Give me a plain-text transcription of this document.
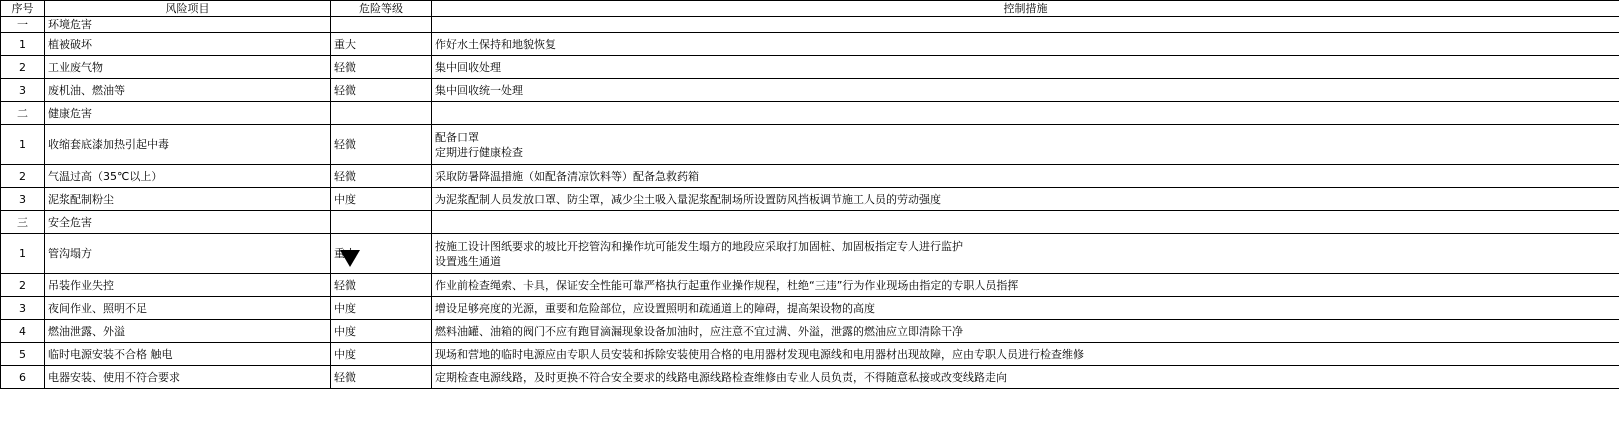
序号	风险项目	危险等级	控制措施
一	环境危害		
1	植被破坏	重大	作好水土保持和地貌恢复

2	工业废气物	轻微	集中回收处理

3	废机油、燃油等	轻微	集中回收统一处理

二	健康危害		
1	收缩套底漆加热引起中毒	轻微	配备口罩
定期进行健康检查

2	气温过高（35℃以上）	轻微	采取防暑降温措施（如配备清凉饮料等）配备急救药箱

3	泥浆配制粉尘	中度	为泥浆配制人员发放口罩、防尘罩，减少尘土吸入量泥浆配制场所设置防风挡板调节施工人员的劳动强度

三	安全危害		
1	管沟塌方	重大	按施工设计图纸要求的坡比开挖管沟和操作坑可能发生塌方的地段应采取打加固桩、加固板指定专人进行监护
设置逃生通道

2	吊装作业失控	轻微	作业前检查绳索、卡具，保证安全性能可靠严格执行起重作业操作规程，杜绝“三违”行为作业现场由指定的专职人员指挥

3	夜间作业、照明不足	中度	增设足够亮度的光源，重要和危险部位，应设置照明和疏通道上的障碍，提高架设物的高度

4	燃油泄露、外溢	中度	燃料油罐、油箱的阀门不应有跑冒滴漏现象设备加油时，应注意不宜过满、外溢，泄露的燃油应立即清除干净

5	临时电源安装不合格 触电	中度	现场和营地的临时电源应由专职人员安装和拆除安装使用合格的电用器材发现电源线和电用器材出现故障，应由专职人员进行检查维修

6	电器安装、使用不符合要求	轻微	定期检查电源线路，及时更换不符合安全要求的线路电源线路检查维修由专业人员负责，不得随意私接或改变线路走向
